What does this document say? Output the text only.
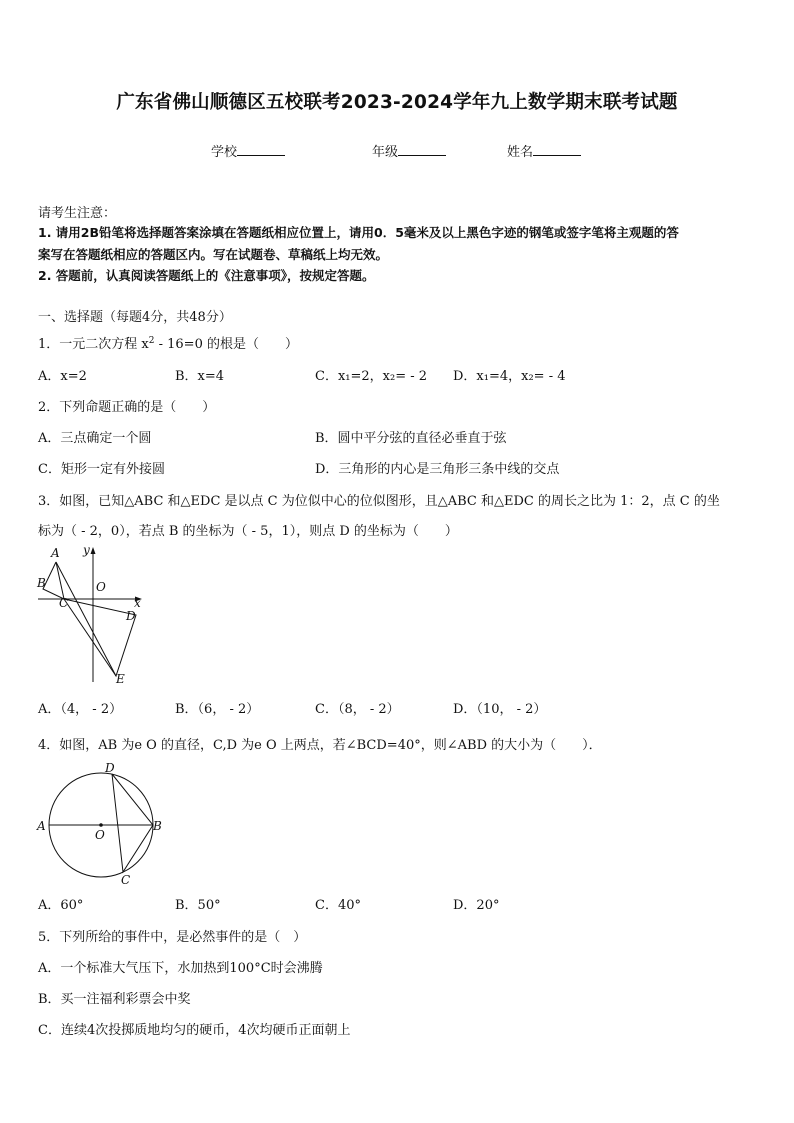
广东省佛山顺德区五校联考2023-2024学年九上数学期末联考试题
学校	年级	姓名
请考生注意：
1. 请用2B铅笔将选择题答案涂填在答题纸相应位置上，请用0．5毫米及以上黑色字迹的钢笔或签字笔将主观题的答
案写在答题纸相应的答题区内。写在试题卷、草稿纸上均无效。
2. 答题前，认真阅读答题纸上的《注意事项》，按规定答题。
一、选择题（每题4分，共48分）
1．一元二次方程 $x^2 - 16=0$ 的根是（　　）
A．x=2	B．x=4	C．x₁=2，x₂= - 2 D．x₁=4，x₂= - 4
2．下列命题正确的是（　　）
A．三点确定一个圆	B．圆中平分弦的直径必垂直于弦
C．矩形一定有外接圆	D．三角形的内心是三角形三条中线的交点
3．如图，已知△ABC 和△EDC 是以点 C 为位似中心的位似图形，且△ABC 和△EDC 的周长之比为 1：2，点 C 的坐
标为（ - 2，0），若点 B 的坐标为（ - 5，1），则点 D 的坐标为（　　）
A y
B	O
C	x
D
E
A．（4， - 2）	B．（6， - 2）	C．（8， - 2）	D．（10， - 2）
4．如图，AB 为e O 的直径，C,D 为e O 上两点，若∠BCD=40°，则∠ABD 的大小为（　　）．
D
A
O
B
C
A．60°	B．50°	C．40°	D．20°
5．下列所给的事件中，是必然事件的是（　）
A．一个标准大气压下，水加热到100°C时会沸腾
B．买一注福利彩票会中奖
C．连续4次投掷质地均匀的硬币，4次均硬币正面朝上
